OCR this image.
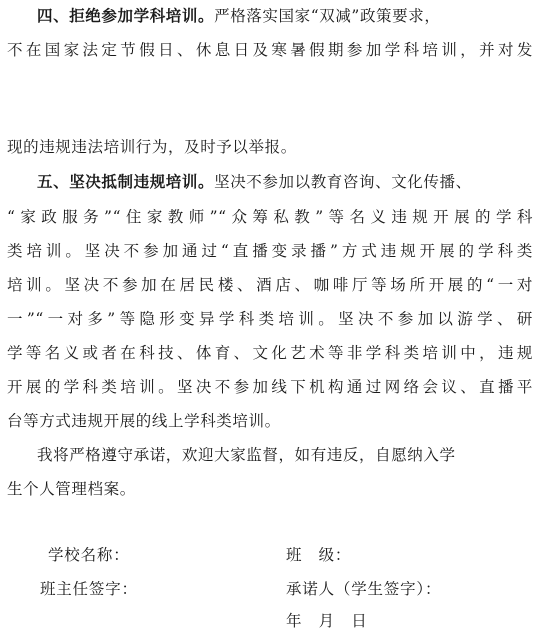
四、拒绝参加学科培训。严格落实国家“双减”政策要求，
不在国家法定节假日、休息日及寒暑假期参加学科培训，并对发
现的违规违法培训行为，及时予以举报。
五、坚决抵制违规培训。坚决不参加以教育咨询、文化传播、
“家政服务”“住家教师”“众筹私教”等名义违规开展的学科
类培训。坚决不参加通过“直播变录播”方式违规开展的学科类
培训。坚决不参加在居民楼、酒店、咖啡厅等场所开展的“一对
一”“一对多”等隐形变异学科类培训。坚决不参加以游学、研
学等名义或者在科技、体育、文化艺术等非学科类培训中，违规
开展的学科类培训。坚决不参加线下机构通过网络会议、直播平
台等方式违规开展的线上学科类培训。
我将严格遵守承诺，欢迎大家监督，如有违反，自愿纳入学
生个人管理档案。
学校名称：	班　级：
班主任签字：	承诺人（学生签字）：
年　月　日
